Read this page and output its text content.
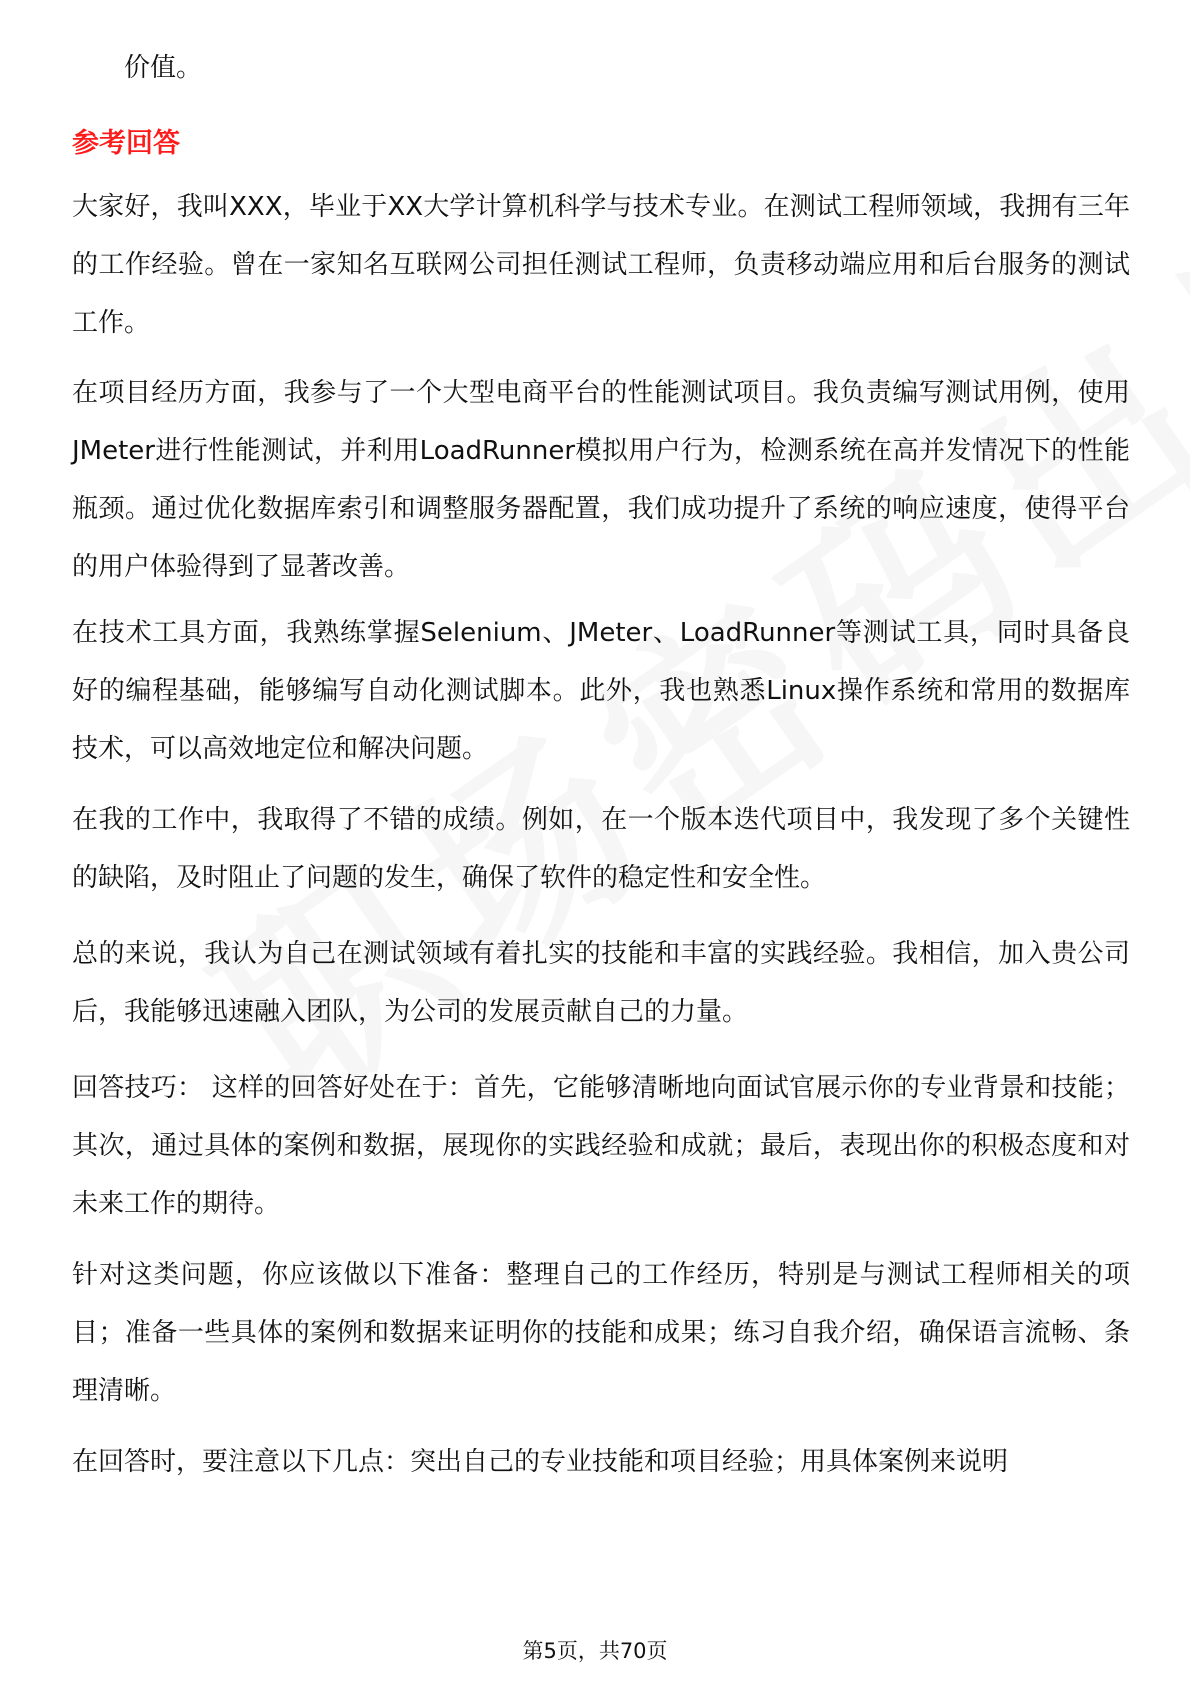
价值。

参考回答

大家好，我叫XXX，毕业于XX大学计算机科学与技术专业。在测试工程师领域，我拥有三年的工作经验。曾在一家知名互联网公司担任测试工程师，负责移动端应用和后台服务的测试工作。

在项目经历方面，我参与了一个大型电商平台的性能测试项目。我负责编写测试用例，使用JMeter进行性能测试，并利用LoadRunner模拟用户行为，检测系统在高并发情况下的性能瓶颈。通过优化数据库索引和调整服务器配置，我们成功提升了系统的响应速度，使得平台的用户体验得到了显著改善。

在技术工具方面，我熟练掌握Selenium、JMeter、LoadRunner等测试工具，同时具备良好的编程基础，能够编写自动化测试脚本。此外，我也熟悉Linux操作系统和常用的数据库技术，可以高效地定位和解决问题。

在我的工作中，我取得了不错的成绩。例如，在一个版本迭代项目中，我发现了多个关键性的缺陷，及时阻止了问题的发生，确保了软件的稳定性和安全性。

总的来说，我认为自己在测试领域有着扎实的技能和丰富的实践经验。我相信，加入贵公司后，我能够迅速融入团队，为公司的发展贡献自己的力量。

回答技巧： 这样的回答好处在于：首先，它能够清晰地向面试官展示你的专业背景和技能；其次，通过具体的案例和数据，展现你的实践经验和成就；最后，表现出你的积极态度和对未来工作的期待。

针对这类问题，你应该做以下准备：整理自己的工作经历，特别是与测试工程师相关的项目；准备一些具体的案例和数据来证明你的技能和成果；练习自我介绍，确保语言流畅、条理清晰。

在回答时，要注意以下几点：突出自己的专业技能和项目经验；用具体案例来说明

第5页，共70页
